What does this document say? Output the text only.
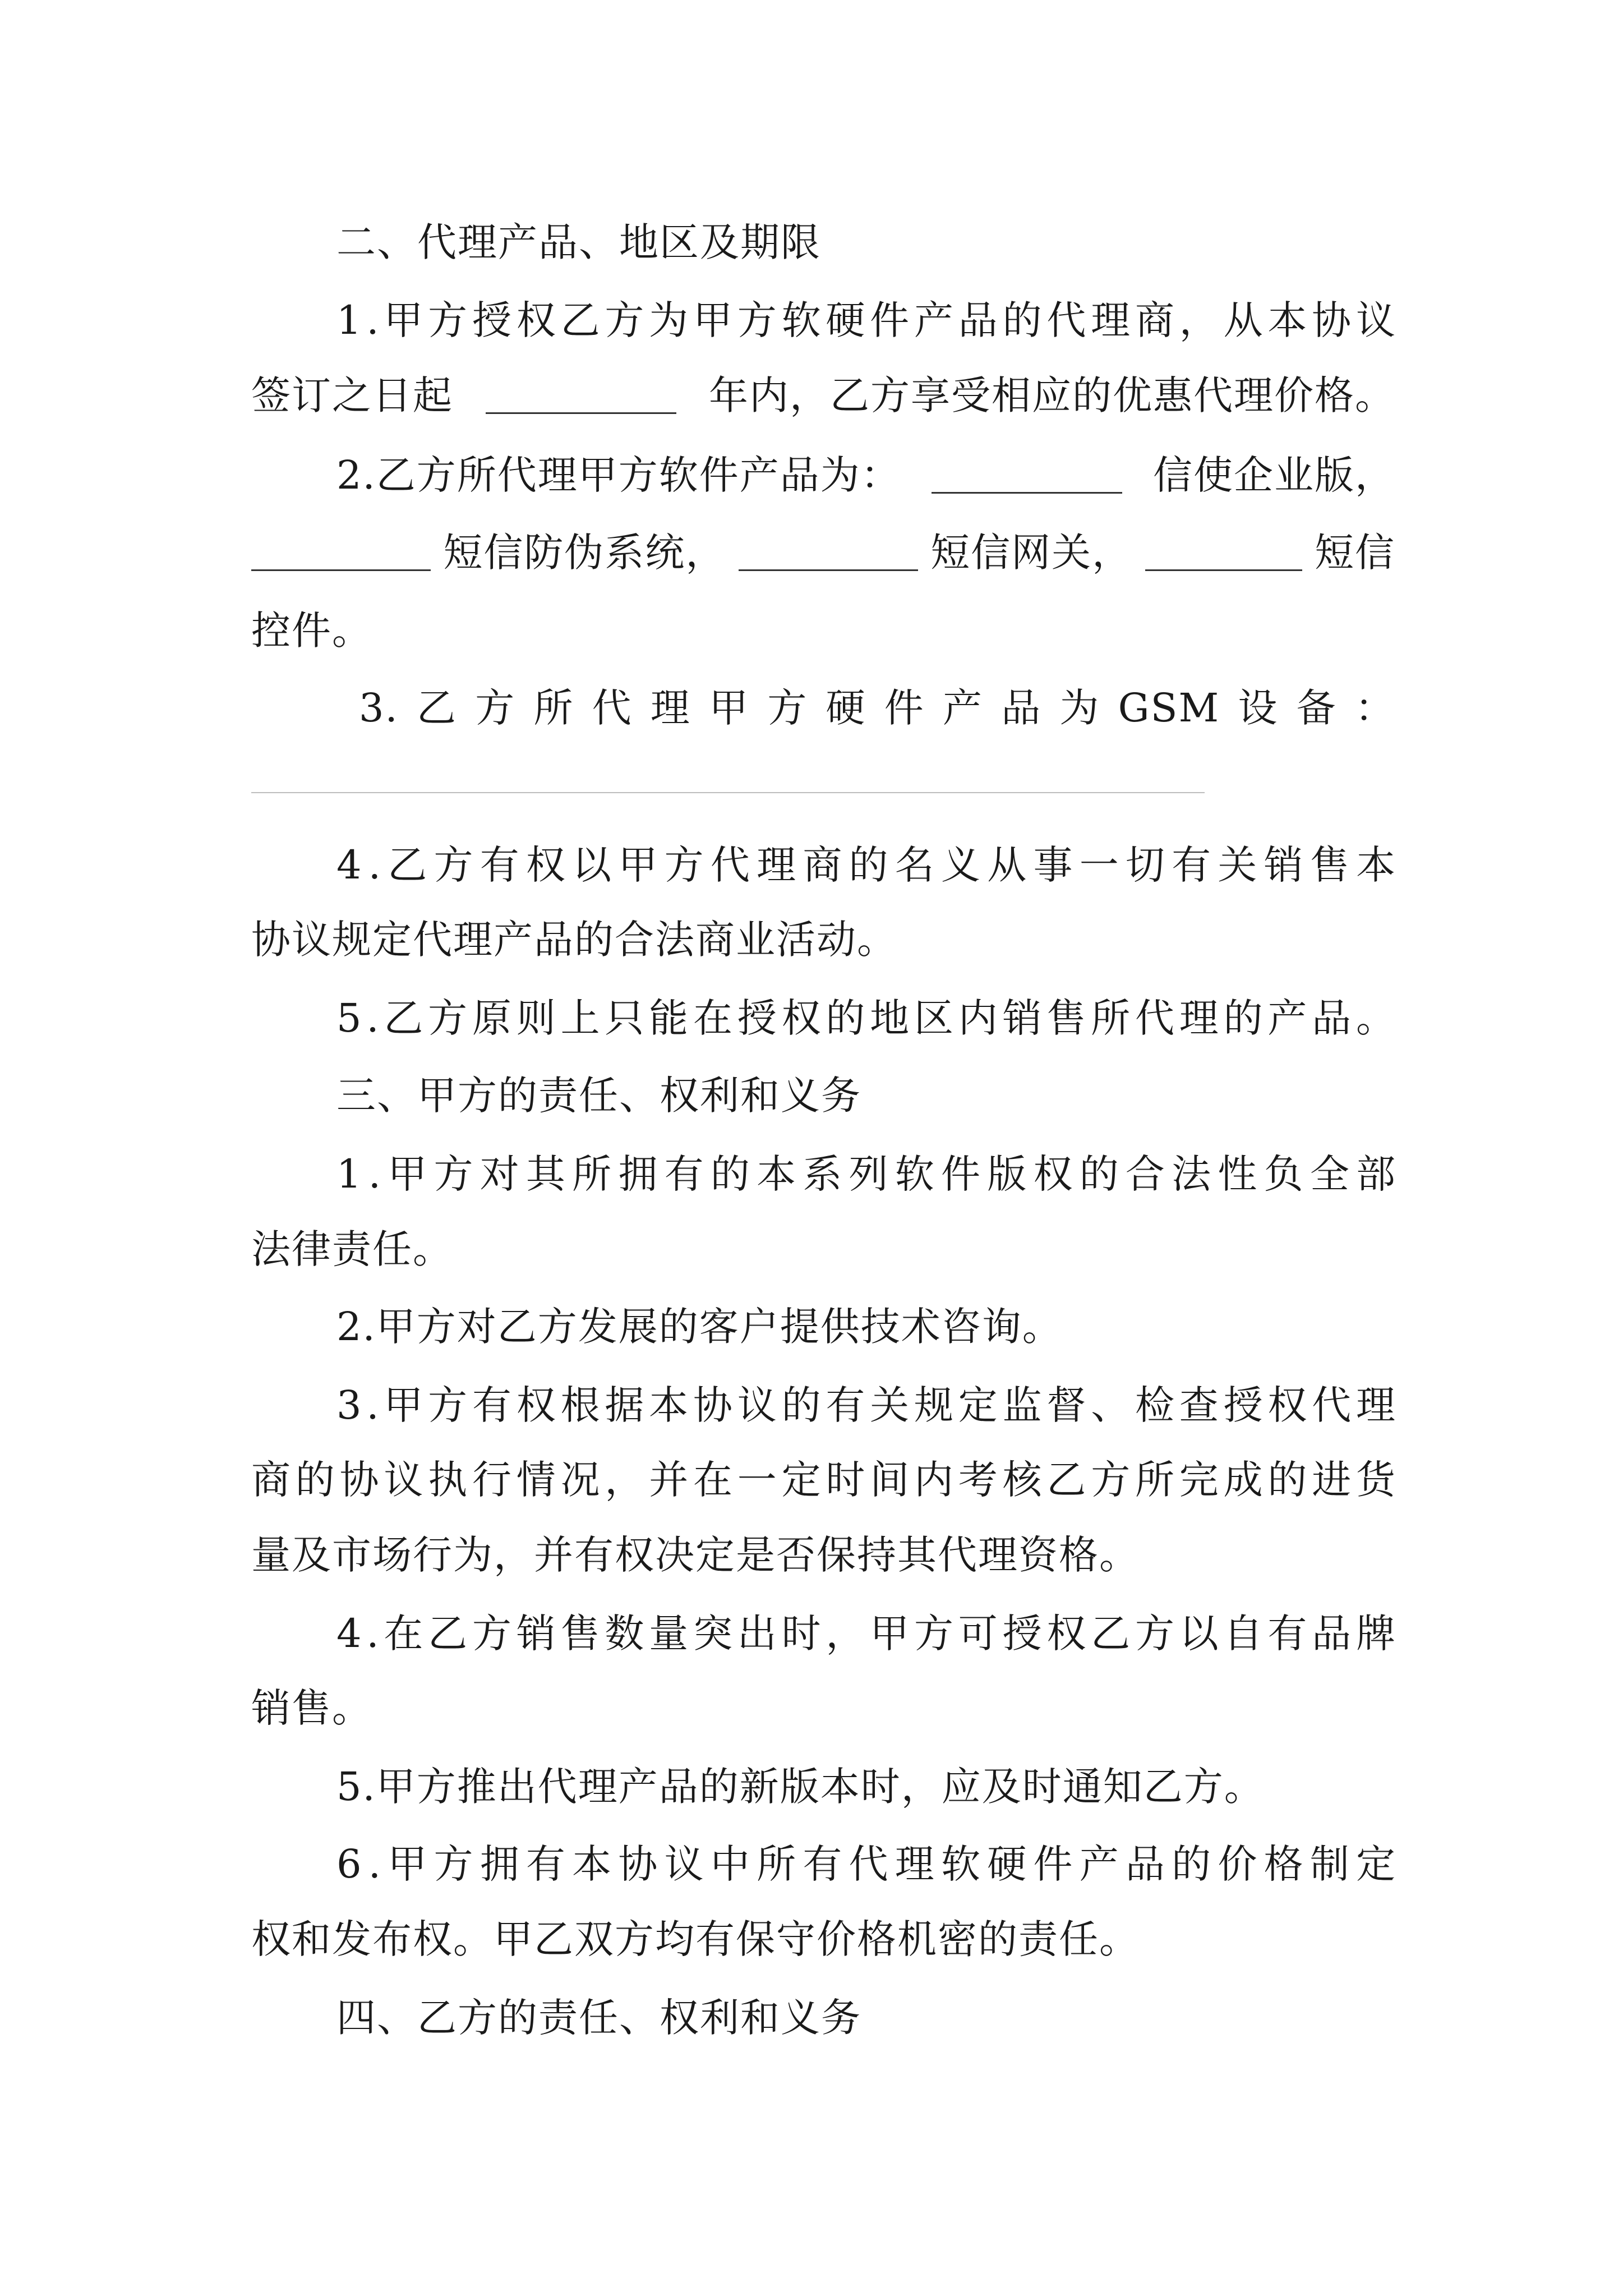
二、代理产品、地区及期限
1.甲方授权乙方为甲方软硬件产品的代理商，从本协议
签订之日起	年内，乙方享受相应的优惠代理价格。
2.乙方所代理甲方软件产品为：	信使企业版，
短信防伪系统，	短信网关，	短信
控件。
3. 乙 方 所 代 理 甲 方 硬 件 产 品 为 GSM 设 备 ：
4.乙方有权以甲方代理商的名义从事一切有关销售本
协议规定代理产品的合法商业活动。
5.乙方原则上只能在授权的地区内销售所代理的产品。
三、甲方的责任、权利和义务
1.甲方对其所拥有的本系列软件版权的合法性负全部
法律责任。
2.甲方对乙方发展的客户提供技术咨询。
3.甲方有权根据本协议的有关规定监督、检查授权代理
商的协议执行情况，并在一定时间内考核乙方所完成的进货
量及市场行为，并有权决定是否保持其代理资格。
4.在乙方销售数量突出时，甲方可授权乙方以自有品牌
销售。
5.甲方推出代理产品的新版本时，应及时通知乙方。
6.甲方拥有本协议中所有代理软硬件产品的价格制定
权和发布权。甲乙双方均有保守价格机密的责任。
四、乙方的责任、权利和义务
